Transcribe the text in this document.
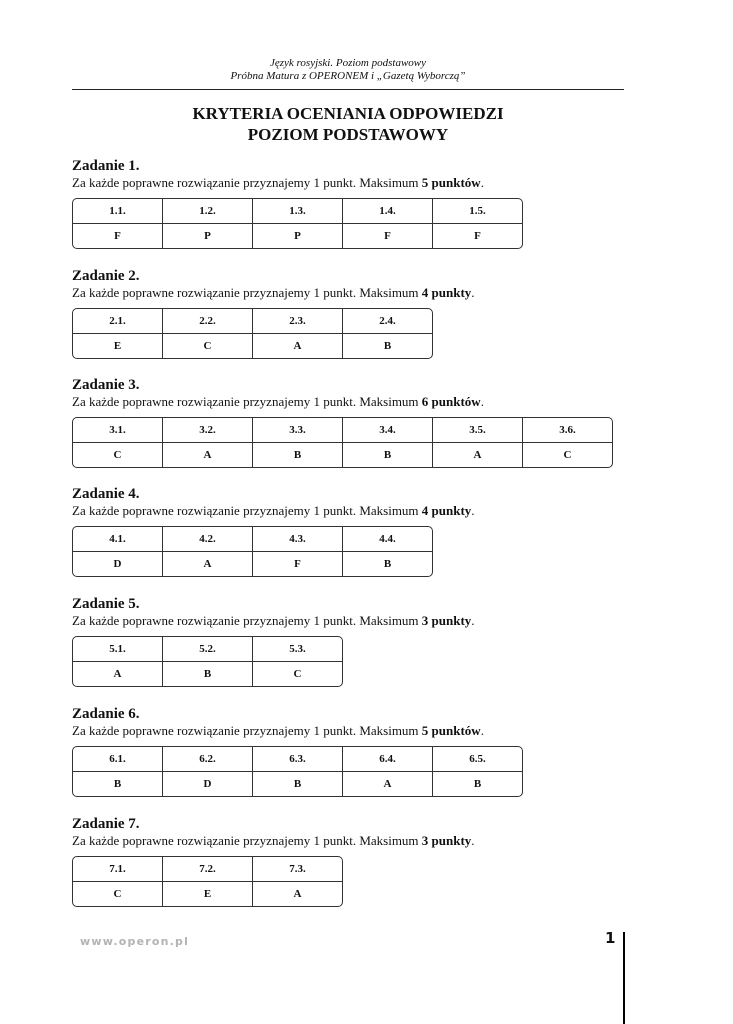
Język rosyjski. Poziom podstawowy
Próbna Matura z OPERONEM i „Gazetą Wyborczą”
KRYTERIA OCENIANIA ODPOWIEDZI
POZIOM PODSTAWOWY
Zadanie 1.
Za każde poprawne rozwiązanie przyznajemy 1 punkt. Maksimum 5 punktów.
1.1.	1.2.	1.3.	1.4.	1.5.
F	P	P	F	F
Zadanie 2.
Za każde poprawne rozwiązanie przyznajemy 1 punkt. Maksimum 4 punkty.
2.1.	2.2.	2.3.	2.4.
E	C	A	B
Zadanie 3.
Za każde poprawne rozwiązanie przyznajemy 1 punkt. Maksimum 6 punktów.
3.1.	3.2.	3.3.	3.4.	3.5.	3.6.
C	A	B	B	A	C
Zadanie 4.
Za każde poprawne rozwiązanie przyznajemy 1 punkt. Maksimum 4 punkty.
4.1.	4.2.	4.3.	4.4.
D	A	F	B
Zadanie 5.
Za każde poprawne rozwiązanie przyznajemy 1 punkt. Maksimum 3 punkty.
5.1.	5.2.	5.3.
A	B	C
Zadanie 6.
Za każde poprawne rozwiązanie przyznajemy 1 punkt. Maksimum 5 punktów.
6.1.	6.2.	6.3.	6.4.	6.5.
B	D	B	A	B
Zadanie 7.
Za każde poprawne rozwiązanie przyznajemy 1 punkt. Maksimum 3 punkty.
7.1.	7.2.	7.3.
C	E	A
www.operon.pl	1
